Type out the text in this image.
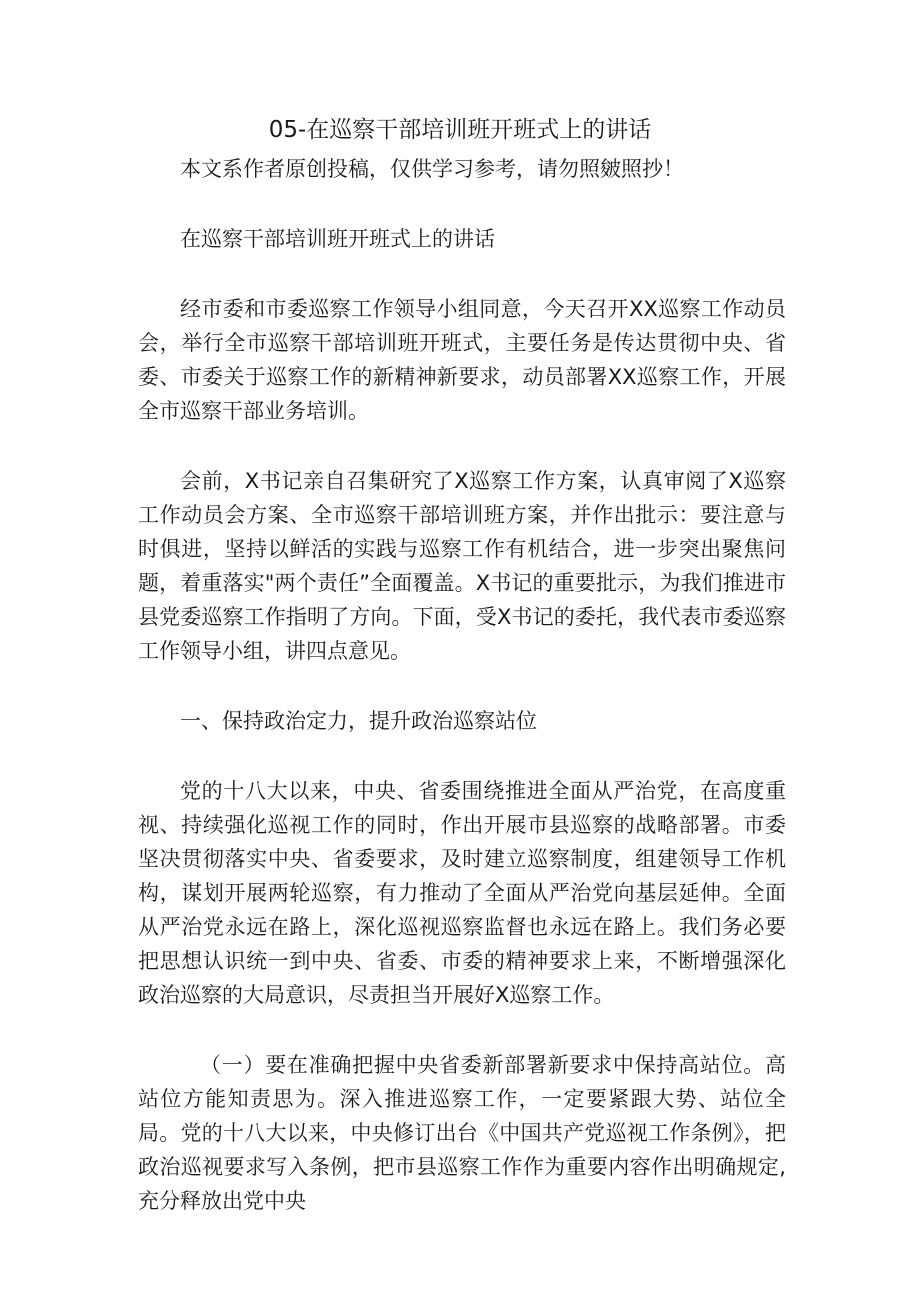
05-在巡察干部培训班开班式上的讲话

本文系作者原创投稿，仅供学习参考，请勿照皴照抄！

在巡察干部培训班开班式上的讲话

经市委和市委巡察工作领导小组同意，今天召开XX巡察工作动员会，举行全市巡察干部培训班开班式，主要任务是传达贯彻中央、省委、市委关于巡察工作的新精神新要求，动员部署XX巡察工作，开展全市巡察干部业务培训。

会前，X书记亲自召集研究了X巡察工作方案，认真审阅了X巡察工作动员会方案、全市巡察干部培训班方案，并作出批示：要注意与时俱进，坚持以鲜活的实践与巡察工作有机结合，进一步突出聚焦问题，着重落实"两个责任”全面覆盖。X书记的重要批示，为我们推进市县党委巡察工作指明了方向。下面，受X书记的委托，我代表市委巡察工作领导小组，讲四点意见。

一、保持政治定力，提升政治巡察站位

党的十八大以来，中央、省委围绕推进全面从严治党，在高度重视、持续强化巡视工作的同时，作出开展市县巡察的战略部署。市委坚决贯彻落实中央、省委要求，及时建立巡察制度，组建领导工作机构，谋划开展两轮巡察，有力推动了全面从严治党向基层延伸。全面从严治党永远在路上，深化巡视巡察监督也永远在路上。我们务必要把思想认识统一到中央、省委、市委的精神要求上来，不断增强深化政治巡察的大局意识，尽责担当开展好X巡察工作。

（一）要在准确把握中央省委新部署新要求中保持高站位。高站位方能知责思为。深入推进巡察工作，一定要紧跟大势、站位全局。党的十八大以来，中央修订出台《中国共产党巡视工作条例》，把政治巡视要求写入条例，把市县巡察工作作为重要内容作出明确规定,充分释放出党中央
